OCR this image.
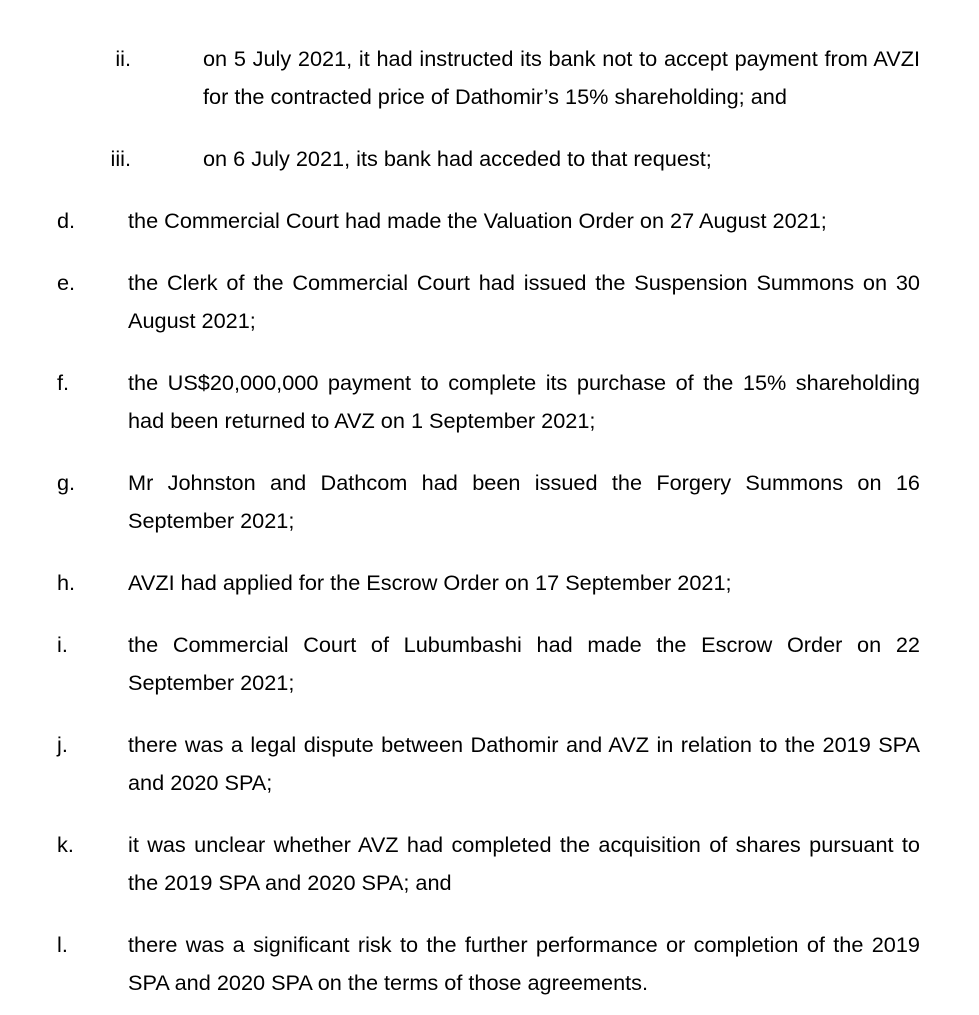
ii.	on 5 July 2021, it had instructed its bank not to accept payment from AVZI
for the contracted price of Dathomir’s 15% shareholding; and
iii.	on 6 July 2021, its bank had acceded to that request;
d.	the Commercial Court had made the Valuation Order on 27 August 2021;
e.	the Clerk of the Commercial Court had issued the Suspension Summons on 30
August 2021;
f.	the US$20,000,000 payment to complete its purchase of the 15% shareholding
had been returned to AVZ on 1 September 2021;
g.	Mr Johnston and Dathcom had been issued the Forgery Summons on 16
September 2021;
h.	AVZI had applied for the Escrow Order on 17 September 2021;
i.	the Commercial Court of Lubumbashi had made the Escrow Order on 22
September 2021;
j.	there was a legal dispute between Dathomir and AVZ in relation to the 2019 SPA
and 2020 SPA;
k.	it was unclear whether AVZ had completed the acquisition of shares pursuant to
the 2019 SPA and 2020 SPA; and
l.	there was a significant risk to the further performance or completion of the 2019
SPA and 2020 SPA on the terms of those agreements.
